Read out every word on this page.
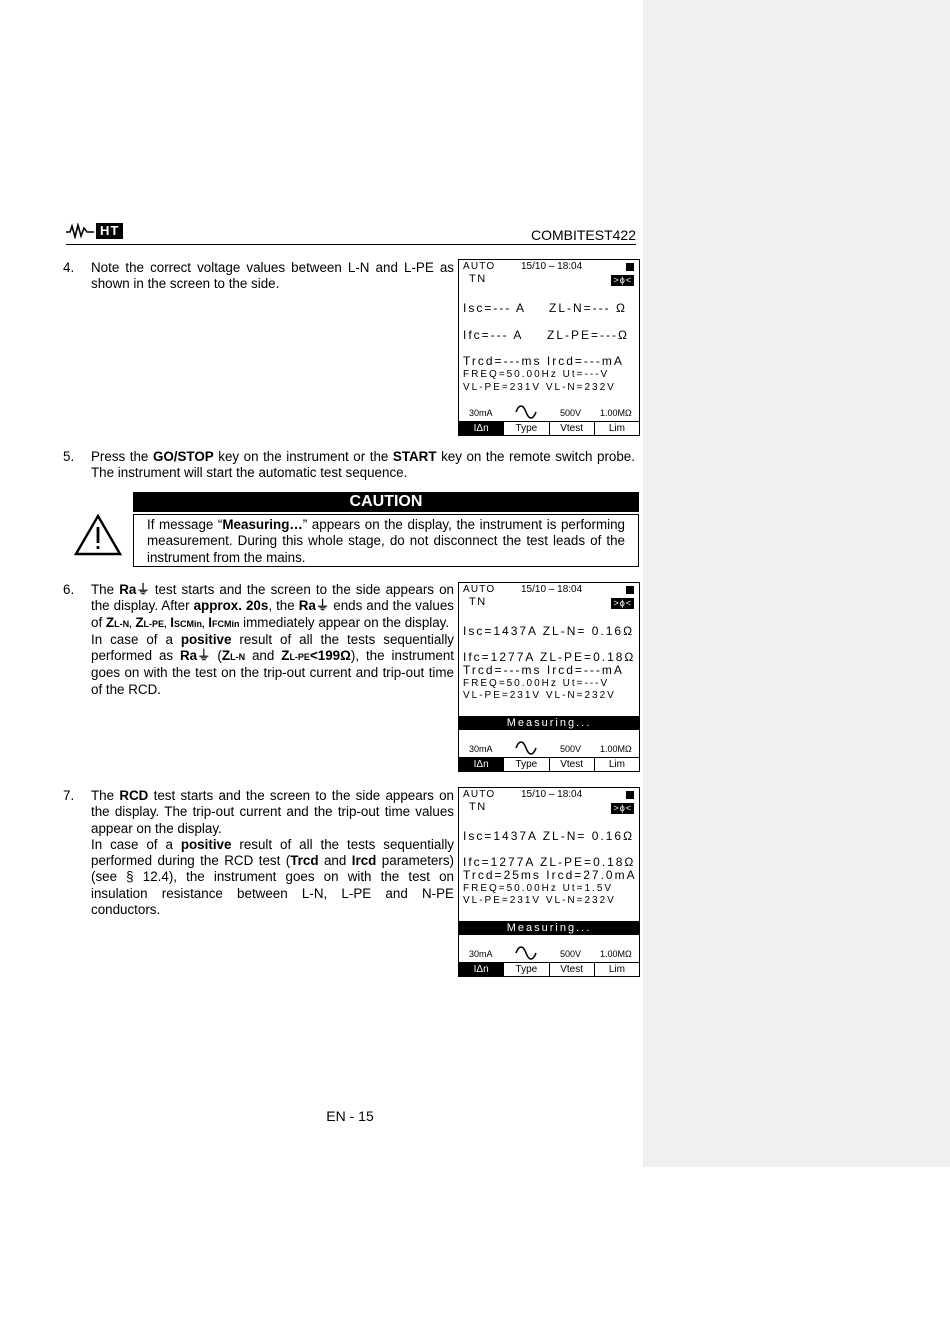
HT	COMBITEST422
4. Note the correct voltage values between L-N and L-PE as shown in the screen to the side.
AUTO	15/10 – 18:04
TN	>ϕ<
Isc=--- A ZL-N=--- Ω
Ifc=--- A ZL-PE=---Ω
Trcd=---ms Ircd=---mA
FREQ=50.00Hz Ut=---V
VL-PE=231V VL-N=232V
30mA	500V 1.00MΩ
IΔn	Type	Vtest	Lim
5. Press the GO/STOP key on the instrument or the START key on the remote switch probe. The instrument will start the automatic test sequence.
CAUTION
If message “Measuring…” appears on the display, the instrument is performing measurement. During this whole stage, do not disconnect the test leads of the instrument from the mains.
6. The Ra⏚ test starts and the screen to the side appears on the display. After approx. 20s, the Ra⏚ ends and the values of ZL-N, ZL-PE, ISCMin, IFCMin immediately appear on the display.

In case of a positive result of all the tests sequentially performed as Ra⏚ (ZL-N and ZL-PE<199Ω), the instrument goes on with the test on the trip-out current and trip-out time of the RCD.

AUTO	15/10 – 18:04
TN	>ϕ<
Isc=1437A ZL-N= 0.16Ω
Ifc=1277A ZL-PE=0.18Ω
Trcd=---ms Ircd=---mA
FREQ=50.00Hz Ut=---V
VL-PE=231V VL-N=232V
Measuring...
30mA	500V 1.00MΩ
IΔn	Type	Vtest	Lim
7. The RCD test starts and the screen to the side appears on the display. The trip-out current and the trip-out time values appear on the display.

In case of a positive result of all the tests sequentially performed during the RCD test (Trcd and Ircd parameters) (see § 12.4), the instrument goes on with the test on insulation resistance between L-N, L-PE and N-PE conductors.

AUTO	15/10 – 18:04
TN	>ϕ<
Isc=1437A ZL-N= 0.16Ω
Ifc=1277A ZL-PE=0.18Ω
Trcd=25ms Ircd=27.0mA
FREQ=50.00Hz Ut=1.5V
VL-PE=231V VL-N=232V
Measuring...
30mA	500V 1.00MΩ
IΔn	Type	Vtest	Lim
EN - 15
